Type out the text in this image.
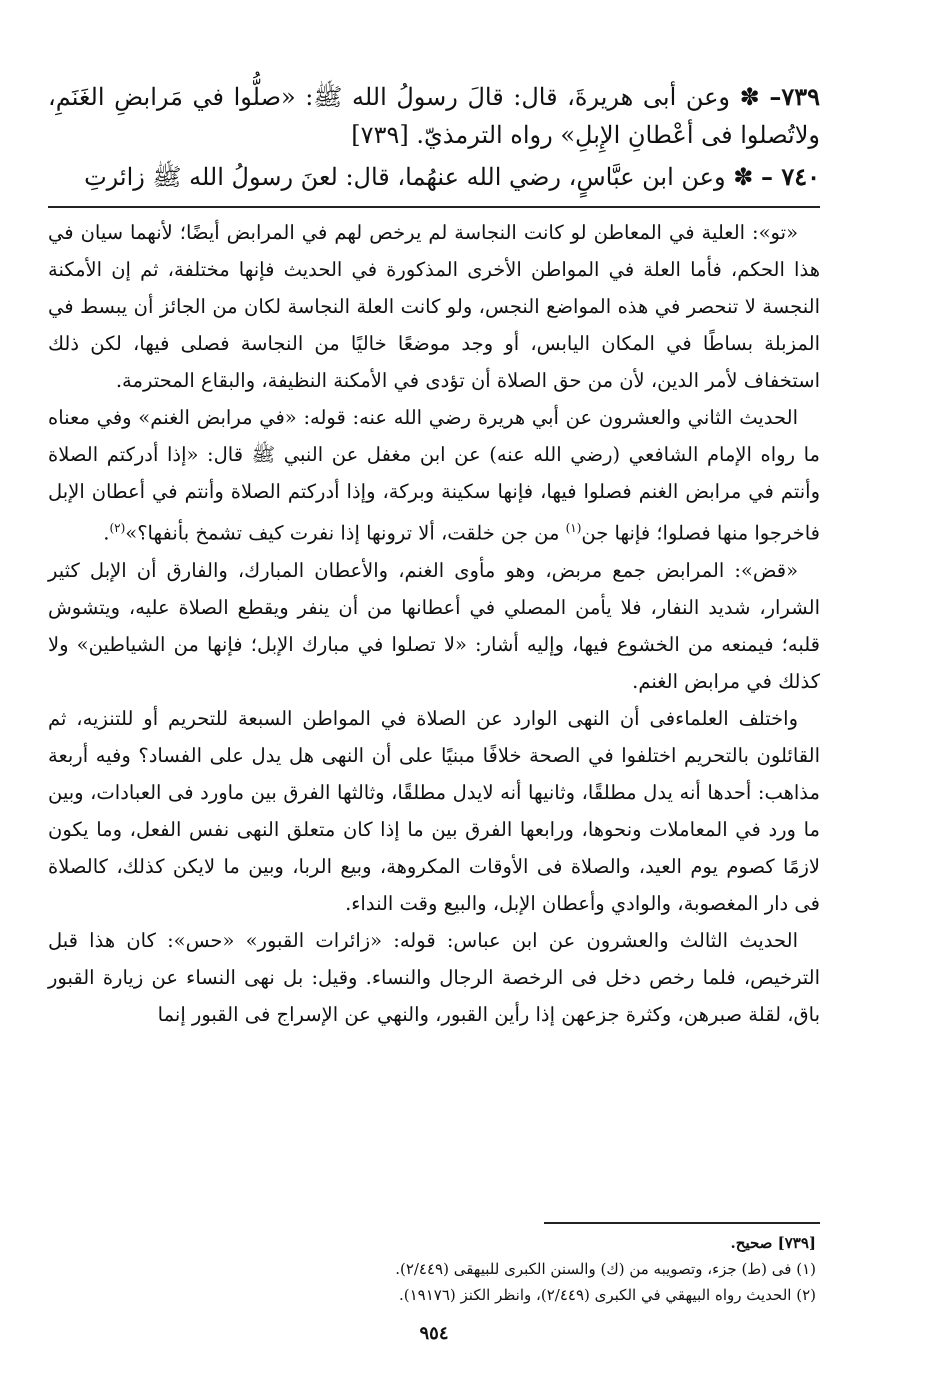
٧٣٩– ✽ وعن أبى هريرةَ، قال: قالَ رسولُ الله ﷺ: «صلُّوا في مَرابضِ الغَنَمِ، ولاتُصلوا فى أعْطانِ الإِبلِ» رواه الترمذيّ. [٧٣٩]

٧٤٠ – ✽ وعن ابن عبَّاسٍ، رضي الله عنهُما، قال: لعنَ رسولُ الله ﷺ زائرتِ

«تو»: العلية في المعاطن لو كانت النجاسة لم يرخص لهم في المرابض أيضًا؛ لأنهما سيان في هذا الحكم، فأما العلة في المواطن الأخرى المذكورة في الحديث فإنها مختلفة، ثم إن الأمكنة النجسة لا تنحصر في هذه المواضع النجس، ولو كانت العلة النجاسة لكان من الجائز أن يبسط في المزبلة بساطًا في المكان اليابس، أو وجد موضعًا خاليًا من النجاسة فصلى فيها، لكن ذلك استخفاف لأمر الدين، لأن من حق الصلاة أن تؤدى في الأمكنة النظيفة، والبقاع المحترمة.

الحديث الثاني والعشرون عن أبي هريرة رضي الله عنه: قوله: «في مرابض الغنم» وفي معناه ما رواه الإمام الشافعي (رضي الله عنه) عن ابن مغفل عن النبي ﷺ قال: «إذا أدركتم الصلاة وأنتم في مرابض الغنم فصلوا فيها، فإنها سكينة وبركة، وإذا أدركتم الصلاة وأنتم في أعطان الإبل فاخرجوا منها فصلوا؛ فإنها جن$^{(١)}$ من جن خلقت، ألا ترونها إذا نفرت كيف تشمخ بأنفها؟»$^{(٢)}$.

«قض»: المرابض جمع مربض، وهو مأوى الغنم، والأعطان المبارك، والفارق أن الإبل كثير الشرار، شديد النفار، فلا يأمن المصلي في أعطانها من أن ينفر ويقطع الصلاة عليه، ويتشوش قلبه؛ فيمنعه من الخشوع فيها، وإليه أشار: «لا تصلوا في مبارك الإبل؛ فإنها من الشياطين» ولا كذلك في مرابض الغنم.

واختلف العلماءفى أن النهى الوارد عن الصلاة في المواطن السبعة للتحريم أو للتنزيه، ثم القائلون بالتحريم اختلفوا في الصحة خلافًا مبنيًا على أن النهى هل يدل على الفساد؟ وفيه أربعة مذاهب: أحدها أنه يدل مطلقًا، وثانيها أنه لايدل مطلقًا، وثالثها الفرق بين ماورد فى العبادات، وبين ما ورد في المعاملات ونحوها، ورابعها الفرق بين ما إذا كان متعلق النهى نفس الفعل، وما يكون لازمًا كصوم يوم العيد، والصلاة فى الأوقات المكروهة، وبيع الربا، وبين ما لايكن كذلك، كالصلاة فى دار المغصوبة، والوادي وأعطان الإبل، والبيع وقت النداء.

الحديث الثالث والعشرون عن ابن عباس: قوله: «زائرات القبور» «حس»: كان هذا قبل الترخيص، فلما رخص دخل فى الرخصة الرجال والنساء. وقيل: بل نهى النساء عن زيارة القبور باق، لقلة صبرهن، وكثرة جزعهن إذا رأين القبور، والنهي عن الإسراج فى القبور إنما

[٧٣٩] صحيح.

(١) فى (ط) جزء، وتصويبه من (ك) والسنن الكبرى للبيهقى (٢/٤٤٩).

(٢) الحديث رواه البيهقي في الكبرى (٢/٤٤٩)، وانظر الكنز (١٩١٧٦).

٩٥٤
